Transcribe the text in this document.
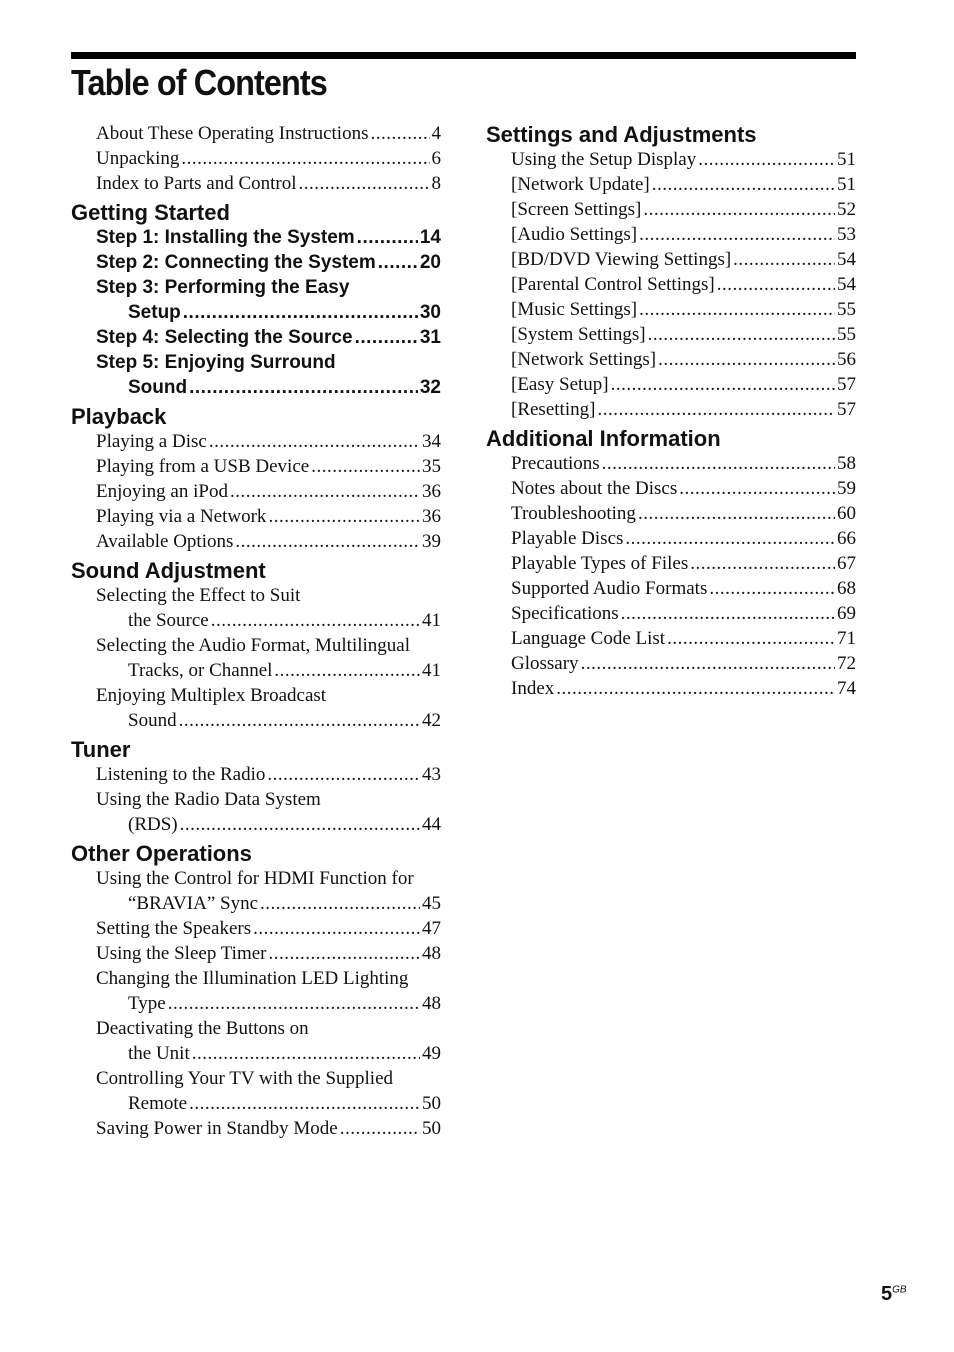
Table of Contents
About These Operating Instructions .....	4
Unpacking .....	6
Index to Parts and Control .....	8
Getting Started
Step 1: Installing the System .....	14
Step 2: Connecting the System ..... 20
Step 3: Performing the Easy
Setup .....	30
Step 4: Selecting the Source .....	31
Step 5: Enjoying Surround
Sound .....	32
Playback
Playing a Disc .....	34
Playing from a USB Device .....	35
Enjoying an iPod .....	36
Playing via a Network .....	36
Available Options .....	39
Sound Adjustment
Selecting the Effect to Suit
the Source .....	41
Selecting the Audio Format, Multilingual
Tracks, or Channel .....	41
Enjoying Multiplex Broadcast
Sound .....	42
Tuner
Listening to the Radio .....	43
Using the Radio Data System
(RDS) .....	44
Other Operations
Using the Control for HDMI Function for
“BRAVIA” Sync .....	45
Setting the Speakers .....	47
Using the Sleep Timer .....	48
Changing the Illumination LED Lighting
Type .....	48
Deactivating the Buttons on
the Unit .....	49
Controlling Your TV with the Supplied
Remote .....	50
Saving Power in Standby Mode .....	50
Settings and Adjustments
Using the Setup Display .....	51
[Network Update] .....	51
[Screen Settings] .....	52
[Audio Settings] .....	53
[BD/DVD Viewing Settings] .....	54
[Parental Control Settings] .....	54
[Music Settings] .....	55
[System Settings] .....	55
[Network Settings] .....	56
[Easy Setup] .....	57
[Resetting] .....	57
Additional Information
Precautions .....	58
Notes about the Discs .....	59
Troubleshooting .....	60
Playable Discs .....	66
Playable Types of Files .....	67
Supported Audio Formats .....	68
Specifications .....	69
Language Code List .....	71
Glossary .....	72
Index .....	74
$5^{GB}$
